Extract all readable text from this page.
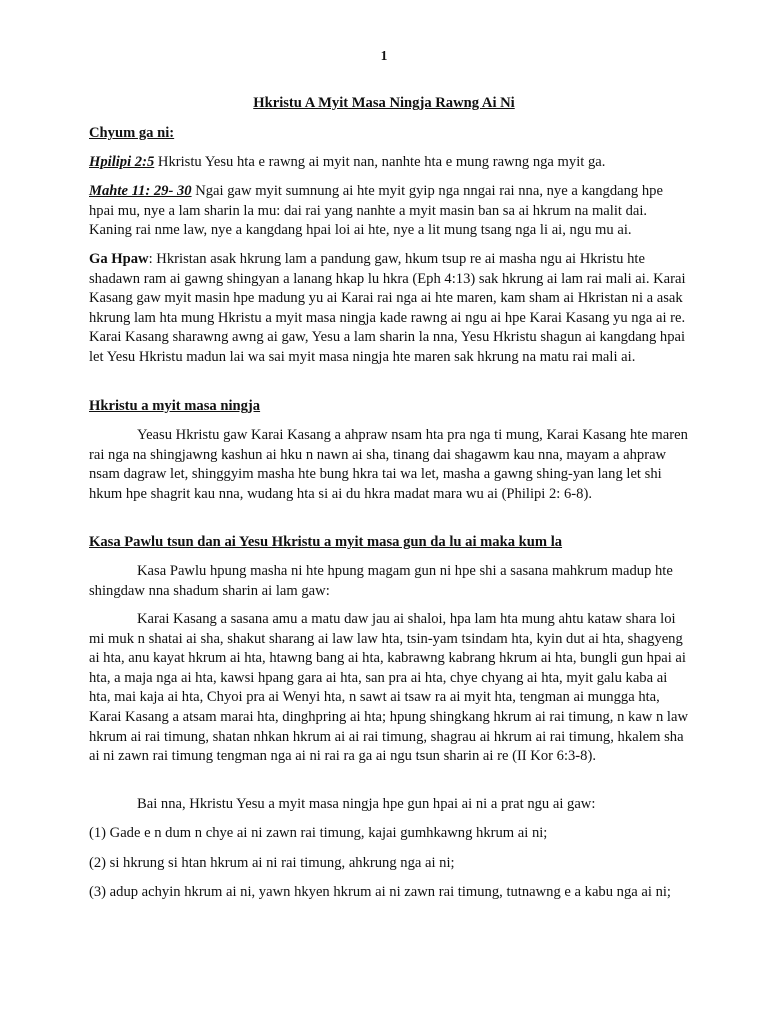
1
Hkristu A Myit Masa Ningja Rawng Ai Ni

Chyum ga ni:

Hpilipi 2:5 Hkristu Yesu hta e rawng ai myit nan, nanhte hta e mung rawng nga myit ga.

Mahte 11: 29- 30 Ngai gaw myit sumnung ai hte myit gyip nga nngai rai nna, nye a kangdang hpe hpai mu, nye a lam sharin la mu: dai rai yang nanhte a myit masin ban sa ai hkrum na malit dai. Kaning rai nme law, nye a kangdang hpai loi ai hte, nye a lit mung tsang nga li ai, ngu mu ai.

Ga Hpaw: Hkristan asak hkrung lam a pandung gaw, hkum tsup re ai masha ngu ai Hkristu hte shadawn ram ai gawng shingyan a lanang hkap lu hkra (Eph 4:13) sak hkrung ai lam rai mali ai. Karai Kasang gaw myit masin hpe madung yu ai Karai rai nga ai hte maren, kam sham ai Hkristan ni a asak hkrung lam hta mung Hkristu a myit masa ningja kade rawng ai ngu ai hpe Karai Kasang yu nga ai re. Karai Kasang sharawng awng ai gaw, Yesu a lam sharin la nna, Yesu Hkristu shagun ai kangdang hpai let Yesu Hkristu madun lai wa sai myit masa ningja hte maren sak hkrung na matu rai mali ai.

Hkristu a myit masa ningja

Yeasu Hkristu gaw Karai Kasang a ahpraw nsam hta pra nga ti mung, Karai Kasang hte maren rai nga na shingjawng kashun ai hku n nawn ai sha, tinang dai shagawm kau nna, mayam a ahpraw nsam dagraw let, shinggyim masha hte bung hkra tai wa let, masha a gawng shing-yan lang let shi hkum hpe shagrit kau nna, wudang hta si ai du hkra madat mara wu ai (Philipi 2: 6-8).

Kasa Pawlu tsun dan ai Yesu Hkristu a myit masa gun da lu ai maka kum la

Kasa Pawlu hpung masha ni hte hpung magam gun ni hpe shi a sasana mahkrum madup hte shingdaw nna shadum sharin ai lam gaw:

Karai Kasang a sasana amu a matu daw jau ai shaloi, hpa lam hta mung ahtu kataw shara loi mi muk n shatai ai sha, shakut sharang ai law law hta, tsin-yam tsindam hta, kyin dut ai hta, shagyeng ai hta, anu kayat hkrum ai hta, htawng bang ai hta, kabrawng kabrang hkrum ai hta, bungli gun hpai ai hta, a maja nga ai hta, kawsi hpang gara ai hta, san pra ai hta, chye chyang ai hta, myit galu kaba ai hta, mai kaja ai hta, Chyoi pra ai Wenyi hta, n sawt ai tsaw ra ai myit hta, tengman ai mungga hta, Karai Kasang a atsam marai hta, dinghpring ai hta; hpung shingkang hkrum ai rai timung, n kaw n law hkrum ai rai timung, shatan nhkan hkrum ai ai rai timung, shagrau ai hkrum ai rai timung, hkalem sha ai ni zawn rai timung tengman nga ai ni rai ra ga ai ngu tsun sharin ai re (II Kor 6:3-8).

Bai nna, Hkristu Yesu a myit masa ningja hpe gun hpai ai ni a prat ngu ai gaw:

(1) Gade e n dum n chye ai ni zawn rai timung, kajai gumhkawng hkrum ai ni;

(2) si hkrung si htan hkrum ai ni rai timung, ahkrung nga ai ni;

(3) adup achyin hkrum ai ni, yawn hkyen hkrum ai ni zawn rai timung, tutnawng e a kabu nga ai ni;
